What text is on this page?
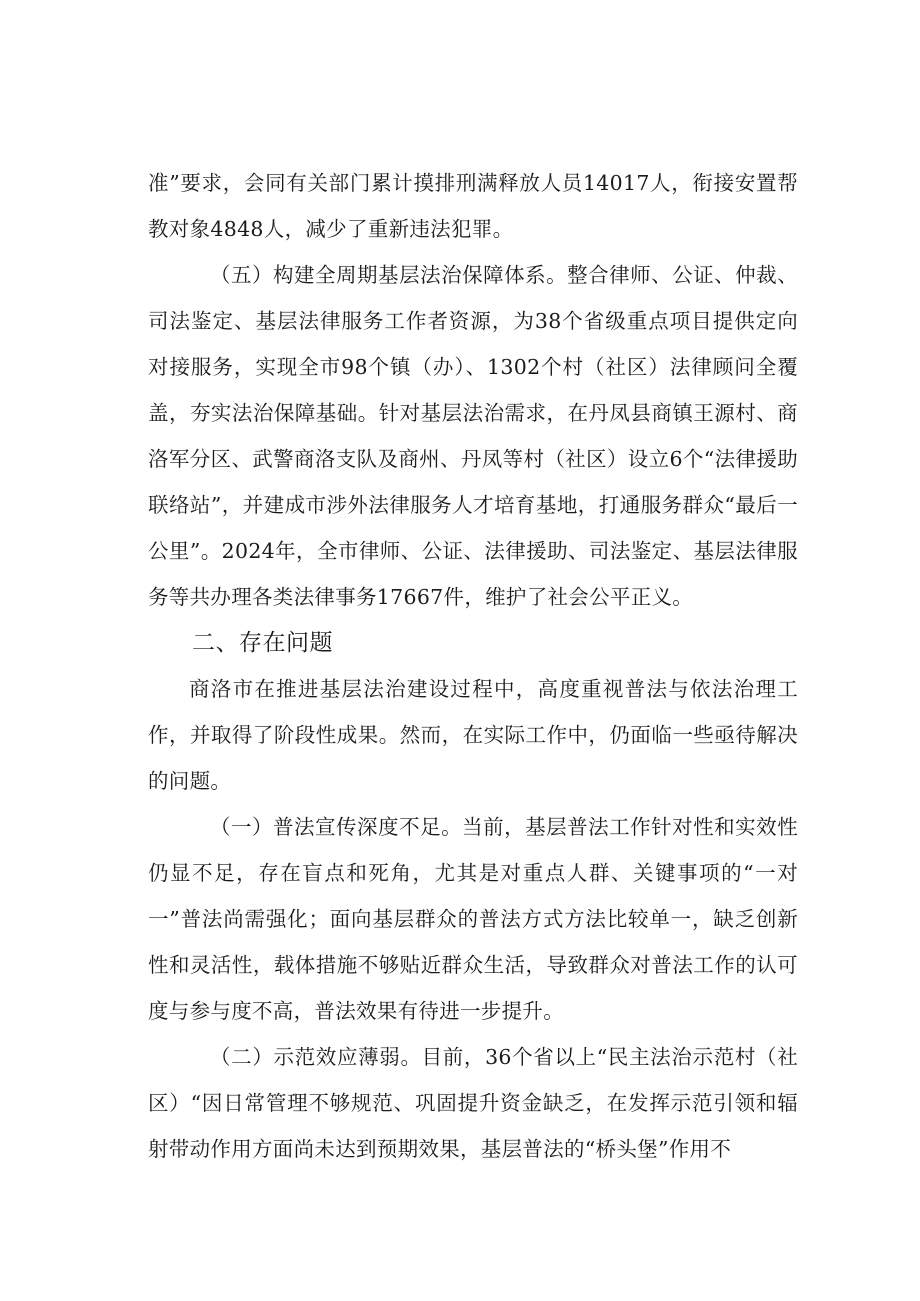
准”要求，会同有关部门累计摸排刑满释放人员14017人，衔接安置帮教对象4848人，减少了重新违法犯罪。

（五）构建全周期基层法治保障体系。整合律师、公证、仲裁、司法鉴定、基层法律服务工作者资源，为38个省级重点项目提供定向对接服务，实现全市98个镇（办）、1302个村（社区）法律顾问全覆盖，夯实法治保障基础。针对基层法治需求，在丹凤县商镇王源村、商洛军分区、武警商洛支队及商州、丹凤等村（社区）设立6个“法律援助联络站”，并建成市涉外法律服务人才培育基地，打通服务群众“最后一公里”。2024年，全市律师、公证、法律援助、司法鉴定、基层法律服务等共办理各类法律事务17667件，维护了社会公平正义。

二、存在问题

商洛市在推进基层法治建设过程中，高度重视普法与依法治理工作，并取得了阶段性成果。然而，在实际工作中，仍面临一些亟待解决的问题。

（一）普法宣传深度不足。当前，基层普法工作针对性和实效性仍显不足，存在盲点和死角，尤其是对重点人群、关键事项的“一对一”普法尚需强化；面向基层群众的普法方式方法比较单一，缺乏创新性和灵活性，载体措施不够贴近群众生活，导致群众对普法工作的认可度与参与度不高，普法效果有待进一步提升。

（二）示范效应薄弱。目前，36个省以上“民主法治示范村（社区）“因日常管理不够规范、巩固提升资金缺乏，在发挥示范引领和辐射带动作用方面尚未达到预期效果，基层普法的“桥头堡”作用不
